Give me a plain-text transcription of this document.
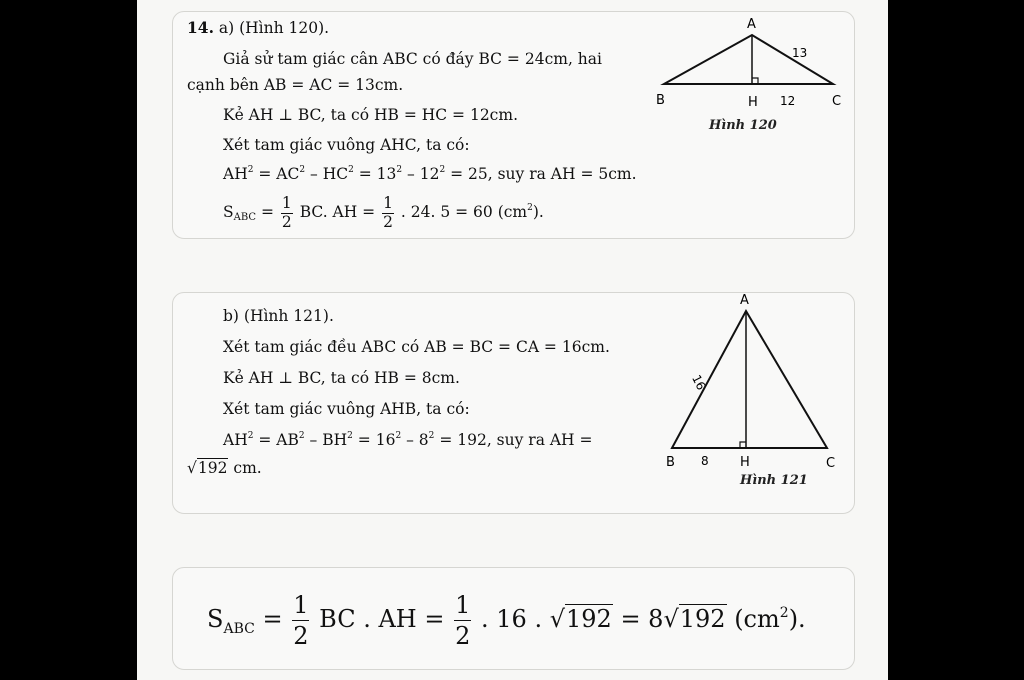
14. a) (Hình 120).
Giả sử tam giác cân ABC có đáy BC = 24cm, hai
cạnh bên AB = AC = 13cm.
Kẻ AH ⊥ BC, ta có HB = HC = 12cm.
Xét tam giác vuông AHC, ta có:
$AH^2 = AC^2 - HC^2 = 13^2 - 12^2 = 25$, suy ra AH = 5cm.
$S_{ABC} = \frac{1}{2}$ BC. AH = $\frac{1}{2}$ . 24. 5 = 60 $(cm^2)$.
A
B	C
H
13
12
Hình 120
b) (Hình 121).
Xét tam giác đều ABC có AB = BC = CA = 16cm.
Kẻ AH ⊥ BC, ta có HB = 8cm.
Xét tam giác vuông AHB, ta có:
$AH^2 = AB^2 - BH^2 = 16^2 - 8^2 = 192$, suy ra AH =
√192 cm.
A
B	C
H
16
8
Hình 121
$S_{ABC} = \frac{1}{2}$ BC . AH = $\frac{1}{2}$ . 16 . √192 = 8√192 $(cm^2)$.
